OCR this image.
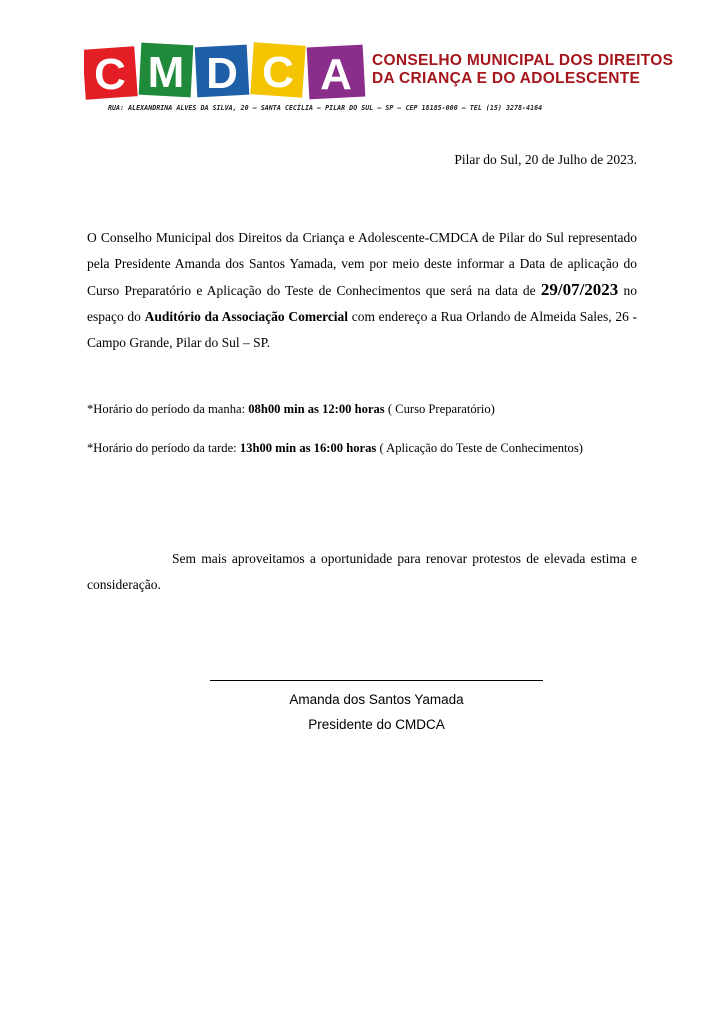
C M D C A CONSELHO MUNICIPAL DOS DIREITOS
DA CRIANÇA E DO ADOLESCENTE
RUA: ALEXANDRINA ALVES DA SILVA, 20 – SANTA CECÍLIA – PILAR DO SUL – SP – CEP 18185-000 – TEL (15) 3278-4164
Pilar do Sul, 20 de Julho de 2023.
O Conselho Municipal dos Direitos da Criança e Adolescente-CMDCA de Pilar do Sul representado pela Presidente Amanda dos Santos Yamada, vem por meio deste informar a Data de aplicação do Curso Preparatório e Aplicação do Teste de Conhecimentos que será na data de 29/07/2023 no espaço do Auditório da Associação Comercial com endereço a Rua Orlando de Almeida Sales, 26 - Campo Grande, Pilar do Sul – SP.
*Horário do período da manha: 08h00 min as 12:00 horas ( Curso Preparatório)
*Horário do período da tarde: 13h00 min as 16:00 horas ( Aplicação do Teste de Conhecimentos)
Sem mais aproveitamos a oportunidade para renovar protestos de elevada estima e consideração.
Amanda dos Santos Yamada
Presidente do CMDCA
